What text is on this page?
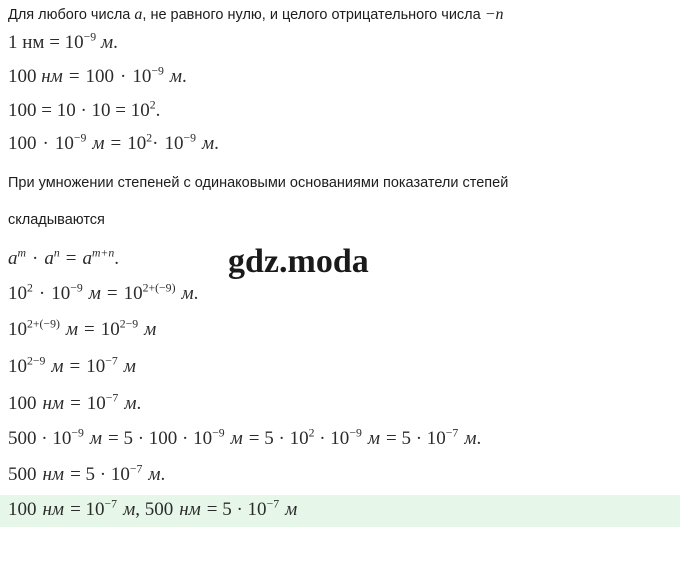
Для любого числа a, не равного нулю, и целого отрицательного числа −n
1 нм = $10^{-9}$ м.
100 нм = $100 \cdot 10^{-9}$ м.
$100 = 10 \cdot 10 = 10^2$.
$100 \cdot 10^{-9}$ $м = 10^2\cdot 10^{-9}$ м.
При умножении степеней с одинаковыми основаниями показатели степей
складываются
$a^m \cdot a^n = a^{m+n}$.
$10^2 \cdot 10^{-9}$ $м = 10^{2+(-9)}$ м.
$10^{2+(-9)}$ $м = 10^{2-9}$ м
$10^{2-9}$ $м = 10^{-7}$ м
100 нм = $10^{-7}$ м.
$500 \cdot 10^{-9}$ $м = 5 \cdot 100 \cdot 10^{-9}$ $м = 5 \cdot 10^2 \cdot 10^{-9}$ $м = 5 \cdot 10^{-7}$ м.
500 нм = $5 \cdot 10^{-7}$ м.
gdz.moda
100 нм = $10^{-7}$ м, 500 нм = $5 \cdot 10^{-7}$ м
